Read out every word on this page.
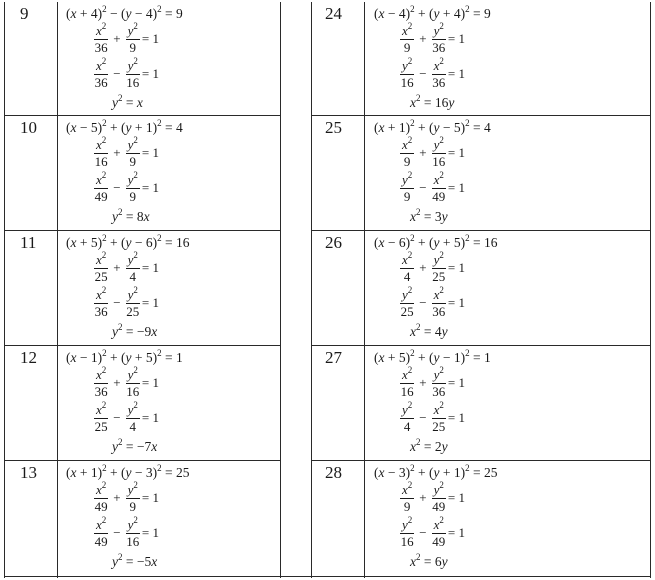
9	$(x + 4)^2 - (y - 4)^2 = 9$
$\frac{x^2}{36} + \frac{y^2}{9} = 1$
$\frac{x^2}{36} - \frac{y^2}{16} = 1$
$y^2 = x$
24 $(x - 4)^2 + (y + 4)^2 = 9$
$\frac{x^2}{9} + \frac{y^2}{36} = 1$
$\frac{y^2}{16} - \frac{x^2}{36} = 1$
$x^2 = 16y$
10 $(x - 5)^2 + (y + 1)^2 = 4$
$\frac{x^2}{16} + \frac{y^2}{9} = 1$
$\frac{x^2}{49} - \frac{y^2}{9} = 1$
$y^2 = 8x$
25 $(x + 1)^2 + (y - 5)^2 = 4$
$\frac{x^2}{9} + \frac{y^2}{16} = 1$
$\frac{y^2}{9} - \frac{x^2}{49} = 1$
$x^2 = 3y$
11 $(x + 5)^2 + (y - 6)^2 = 16$
$\frac{x^2}{25} + \frac{y^2}{4} = 1$
$\frac{x^2}{36} - \frac{y^2}{25} = 1$
$y^2 = -9x$
26 $(x - 6)^2 + (y + 5)^2 = 16$
$\frac{x^2}{4} + \frac{y^2}{25} = 1$
$\frac{y^2}{25} - \frac{x^2}{36} = 1$
$x^2 = 4y$
12 $(x - 1)^2 + (y + 5)^2 = 1$
$\frac{x^2}{36} + \frac{y^2}{16} = 1$
$\frac{x^2}{25} - \frac{y^2}{4} = 1$
$y^2 = -7x$
27 $(x + 5)^2 + (y - 1)^2 = 1$
$\frac{x^2}{16} + \frac{y^2}{36} = 1$
$\frac{y^2}{4} - \frac{x^2}{25} = 1$
$x^2 = 2y$
13 $(x + 1)^2 + (y - 3)^2 = 25$
$\frac{x^2}{49} + \frac{y^2}{9} = 1$
$\frac{x^2}{49} - \frac{y^2}{16} = 1$
$y^2 = -5x$
28 $(x - 3)^2 + (y + 1)^2 = 25$
$\frac{x^2}{9} + \frac{y^2}{49} = 1$
$\frac{y^2}{16} - \frac{x^2}{49} = 1$
$x^2 = 6y$
